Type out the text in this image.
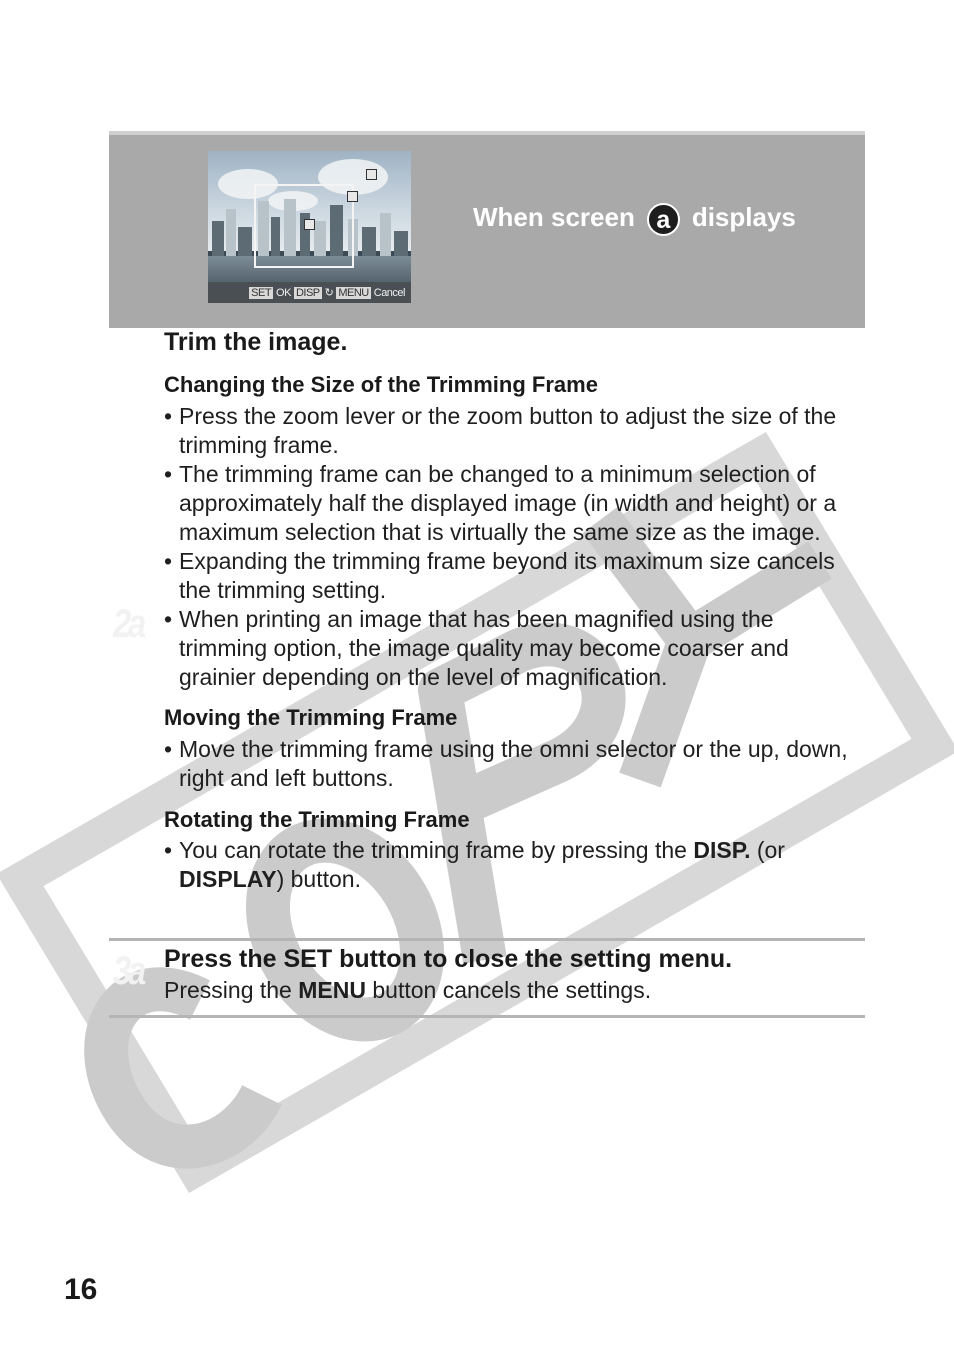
SET OK DISP ↻ MENU Cancel
When screen a displays
2a
Trim the image.
Changing the Size of the Trimming Frame
• Press the zoom lever or the zoom button to adjust the size of the trimming frame.
• The trimming frame can be changed to a minimum selection of approximately half the displayed image (in width and height) or a maximum selection that is virtually the same size as the image.
• Expanding the trimming frame beyond its maximum size cancels the trimming setting.
• When printing an image that has been magnified using the trimming option, the image quality may become coarser and grainier depending on the level of magnification.
Moving the Trimming Frame
• Move the trimming frame using the omni selector or the up, down, right and left buttons.
Rotating the Trimming Frame
• You can rotate the trimming frame by pressing the DISP. (or DISPLAY) button.
3a Press the SET button to close the setting menu.

Pressing the MENU button cancels the settings.

16
